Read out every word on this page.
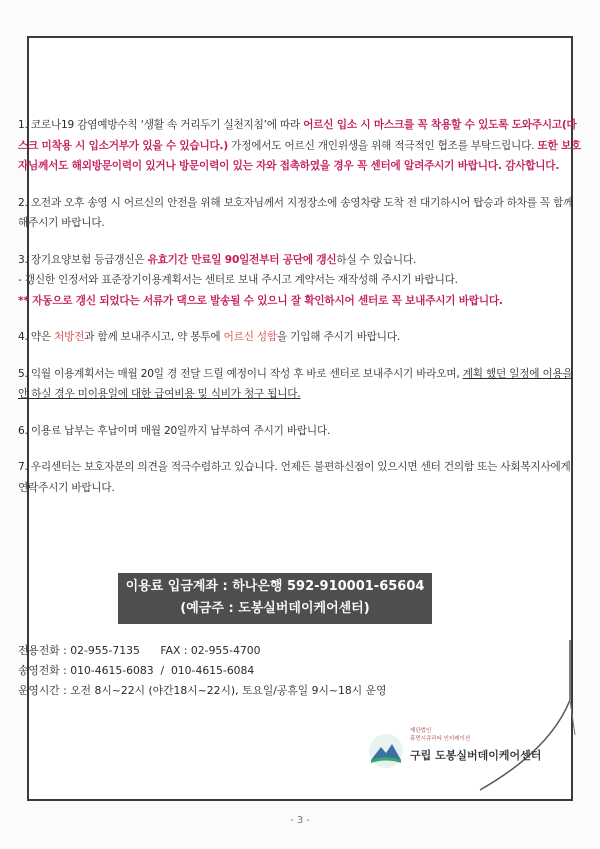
1. 코로나19 감염예방수칙 ‘생활 속 거리두기 실천지침’에 따라 어르신 입소 시 마스크를 꼭 착용할 수 있도록 도와주시고(마스크 미착용 시 입소거부가 있을 수 있습니다.) 가정에서도 어르신 개인위생을 위해 적극적인 협조를 부탁드립니다. 또한 보호자님께서도 해외방문이력이 있거나 방문이력이 있는 자와 접촉하였을 경우 꼭 센터에 알려주시기 바랍니다. 감사합니다.

2. 오전과 오후 송영 시 어르신의 안전을 위해 보호자님께서 지정장소에 송영차량 도착 전 대기하시어 탑승과 하차를 꼭 함께 해주시기 바랍니다.

3. 장기요양보험 등급갱신은 유효기간 만료일 90일전부터 공단에 갱신하실 수 있습니다.
- 갱신한 인정서와 표준장기이용계획서는 센터로 보내 주시고 계약서는 재작성해 주시기 바랍니다.
** 자동으로 갱신 되었다는 서류가 댁으로 발송될 수 있으니 잘 확인하시어 센터로 꼭 보내주시기 바랍니다.

4. 약은 처방전과 함께 보내주시고, 약 봉투에 어르신 성함을 기입해 주시기 바랍니다.

5. 익월 이용계획서는 매월 20일 경 전달 드릴 예정이니 작성 후 바로 센터로 보내주시기 바라오며, 계획 했던 일정에 이용을 안 하실 경우 미이용일에 대한 급여비용 및 식비가 청구 됩니다.

6. 이용료 납부는 후납이며 매월 20일까지 납부하여 주시기 바랍니다.

7. 우리센터는 보호자분의 의견을 적극수렴하고 있습니다. 언제든 불편하신점이 있으시면 센터 건의함 또는 사회복지사에게 연락주시기 바랍니다.

이용료 입금계좌 : 하나은행 592-910001-65604
(예금주 : 도봉실버데이케어센터)
전용전화 : 02-955-7135      FAX : 02-955-4700
송영전화 : 010-4615-6083  /  010-4615-6084
운영시간 : 오전 8시~22시 (야간18시~22시), 토요일/공휴일 9시~18시 운영
재단법인
휴먼시큐리티 인더레이션
구립 도봉실버데이케어센터
- 3 -
